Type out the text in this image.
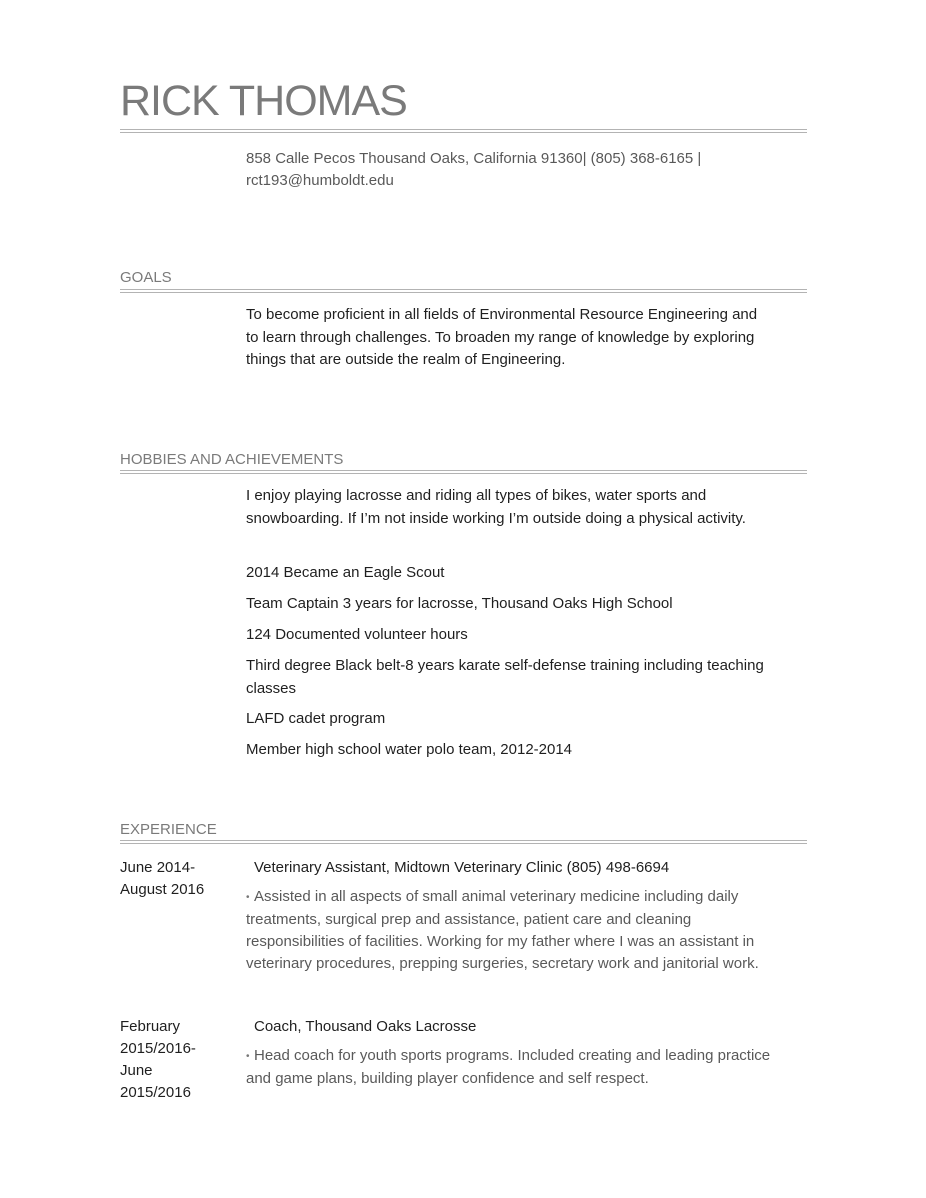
RICK THOMAS
858 Calle Pecos Thousand Oaks, California 91360| (805) 368-6165 |
rct193@humboldt.edu
GOALS
To become proficient in all fields of Environmental Resource Engineering and to learn through challenges. To broaden my range of knowledge by exploring things that are outside the realm of Engineering.
HOBBIES AND ACHIEVEMENTS
I enjoy playing lacrosse and riding all types of bikes, water sports and snowboarding. If I’m not inside working I’m outside doing a physical activity.
2014 Became an Eagle Scout
Team Captain 3 years for lacrosse, Thousand Oaks High School
124 Documented volunteer hours
Third degree Black belt-8 years karate self-defense training including teaching classes
LAFD cadet program
Member high school water polo team, 2012-2014
EXPERIENCE
June 2014-
August 2016
Veterinary Assistant, Midtown Veterinary Clinic (805) 498-6694
• Assisted in all aspects of small animal veterinary medicine including daily treatments, surgical prep and assistance, patient care and cleaning responsibilities of facilities. Working for my father where I was an assistant in veterinary procedures, prepping surgeries, secretary work and janitorial work.
February
2015/2016-
June
2015/2016
Coach, Thousand Oaks Lacrosse
• Head coach for youth sports programs. Included creating and leading practice and game plans, building player confidence and self respect.
